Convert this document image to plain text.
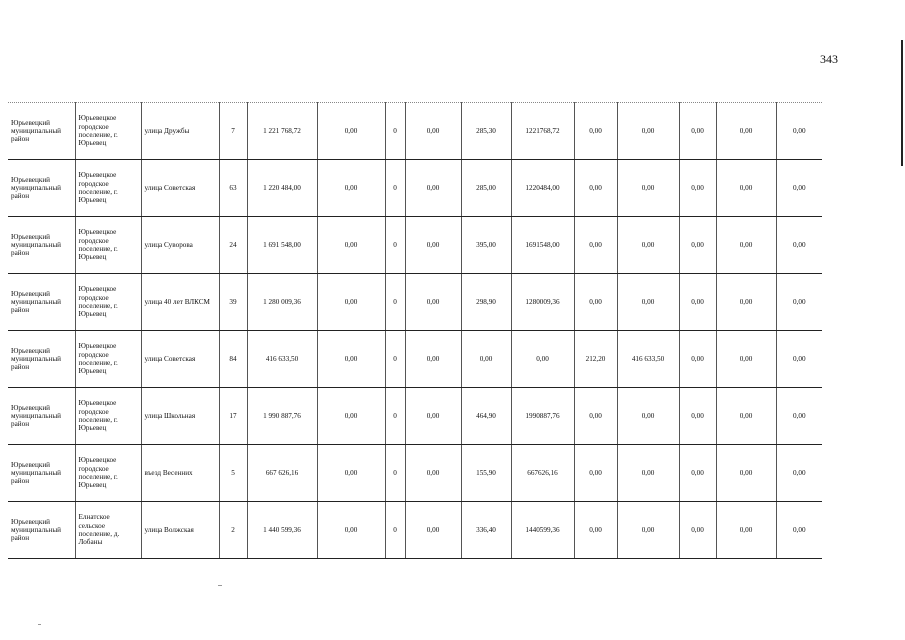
343
Юрьевецкий муниципальный район	Юрьевецкое городское поселение, г. Юрьевец	улица Дружбы	7	1 221 768,72	0,00	0	0,00	285,30	1221768,72	0,00	0,00	0,00	0,00	0,00
Юрьевецкий муниципальный район	Юрьевецкое городское поселение, г. Юрьевец	улица Советская	63	1 220 484,00	0,00	0	0,00	285,00	1220484,00	0,00	0,00	0,00	0,00	0,00
Юрьевецкий муниципальный район	Юрьевецкое городское поселение, г. Юрьевец	улица Суворова	24	1 691 548,00	0,00	0	0,00	395,00	1691548,00	0,00	0,00	0,00	0,00	0,00
Юрьевецкий муниципальный район	Юрьевецкое городское поселение, г. Юрьевец	улица 40 лет ВЛКСМ	39	1 280 009,36	0,00	0	0,00	298,90	1280009,36	0,00	0,00	0,00	0,00	0,00
Юрьевецкий муниципальный район	Юрьевецкое городское поселение, г. Юрьевец	улица Советская	84	416 633,50	0,00	0	0,00	0,00	0,00	212,20	416 633,50	0,00	0,00	0,00
Юрьевецкий муниципальный район	Юрьевецкое городское поселение, г. Юрьевец	улица Школьная	17	1 990 887,76	0,00	0	0,00	464,90	1990887,76	0,00	0,00	0,00	0,00	0,00
Юрьевецкий муниципальный район	Юрьевецкое городское поселение, г. Юрьевец	въезд Весенних	5	667 626,16	0,00	0	0,00	155,90	667626,16	0,00	0,00	0,00	0,00	0,00
Юрьевецкий муниципальный район	Елнатское сельское поселение, д. Лобаны	улица Волжская	2	1 440 599,36	0,00	0	0,00	336,40	1440599,36	0,00	0,00	0,00	0,00	0,00
